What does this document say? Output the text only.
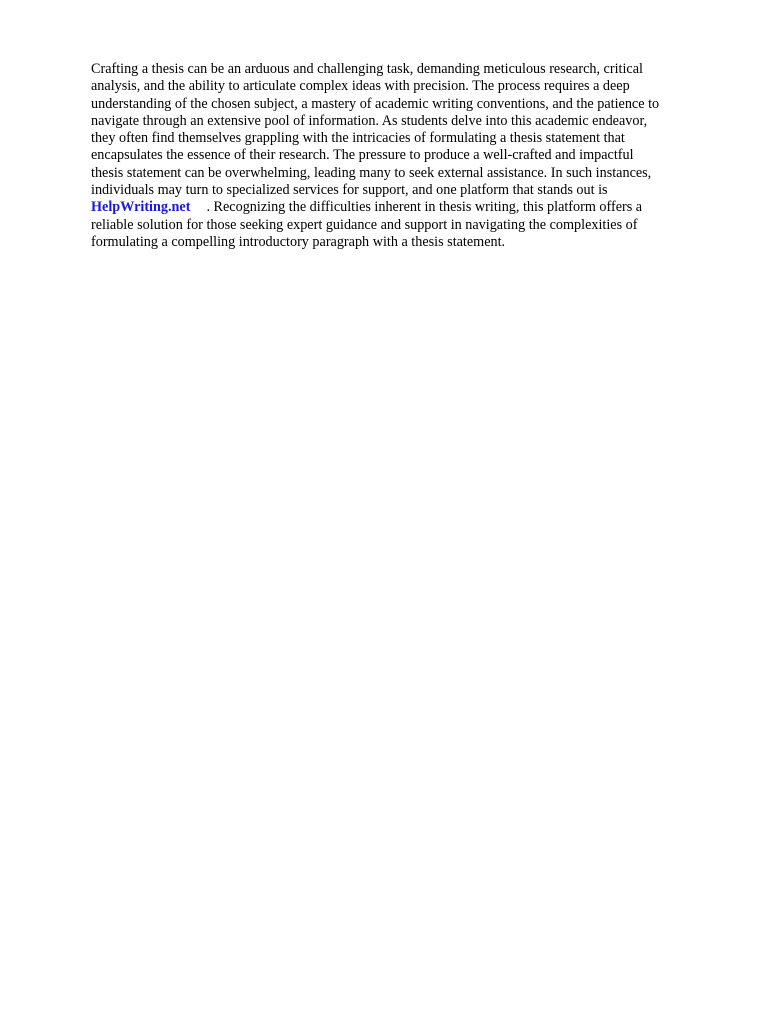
Crafting a thesis can be an arduous and challenging task, demanding meticulous research, critical
analysis, and the ability to articulate complex ideas with precision. The process requires a deep
understanding of the chosen subject, a mastery of academic writing conventions, and the patience to
navigate through an extensive pool of information. As students delve into this academic endeavor,
they often find themselves grappling with the intricacies of formulating a thesis statement that
encapsulates the essence of their research. The pressure to produce a well-crafted and impactful
thesis statement can be overwhelming, leading many to seek external assistance. In such instances,
individuals may turn to specialized services for support, and one platform that stands out is
HelpWriting.net . Recognizing the difficulties inherent in thesis writing, this platform offers a
reliable solution for those seeking expert guidance and support in navigating the complexities of
formulating a compelling introductory paragraph with a thesis statement.
